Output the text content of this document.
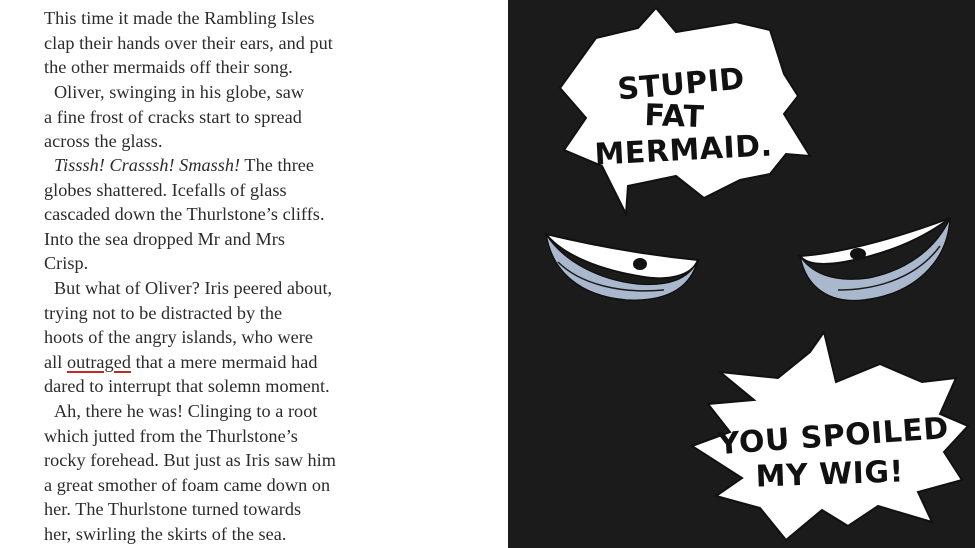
This time it made the Rambling Isles
clap their hands over their ears, and put
the other mermaids off their song.

Oliver, swinging in his globe, saw
a fine frost of cracks start to spread
across the glass.

Tisssh! Crasssh! Smassh! The three
globes shattered. Icefalls of glass
cascaded down the Thurlstone’s cliffs.
Into the sea dropped Mr and Mrs
Crisp.

But what of Oliver? Iris peered about,
trying not to be distracted by the
hoots of the angry islands, who were
all outraged that a mere mermaid had
dared to interrupt that solemn moment.

Ah, there he was! Clinging to a root
which jutted from the Thurlstone’s
rocky forehead. But just as Iris saw him
a great smother of foam came down on
her. The Thurlstone turned towards
her, swirling the skirts of the sea.

STUPID
FAT
MERMAID.
YOU SPOILED
MY WIG!
